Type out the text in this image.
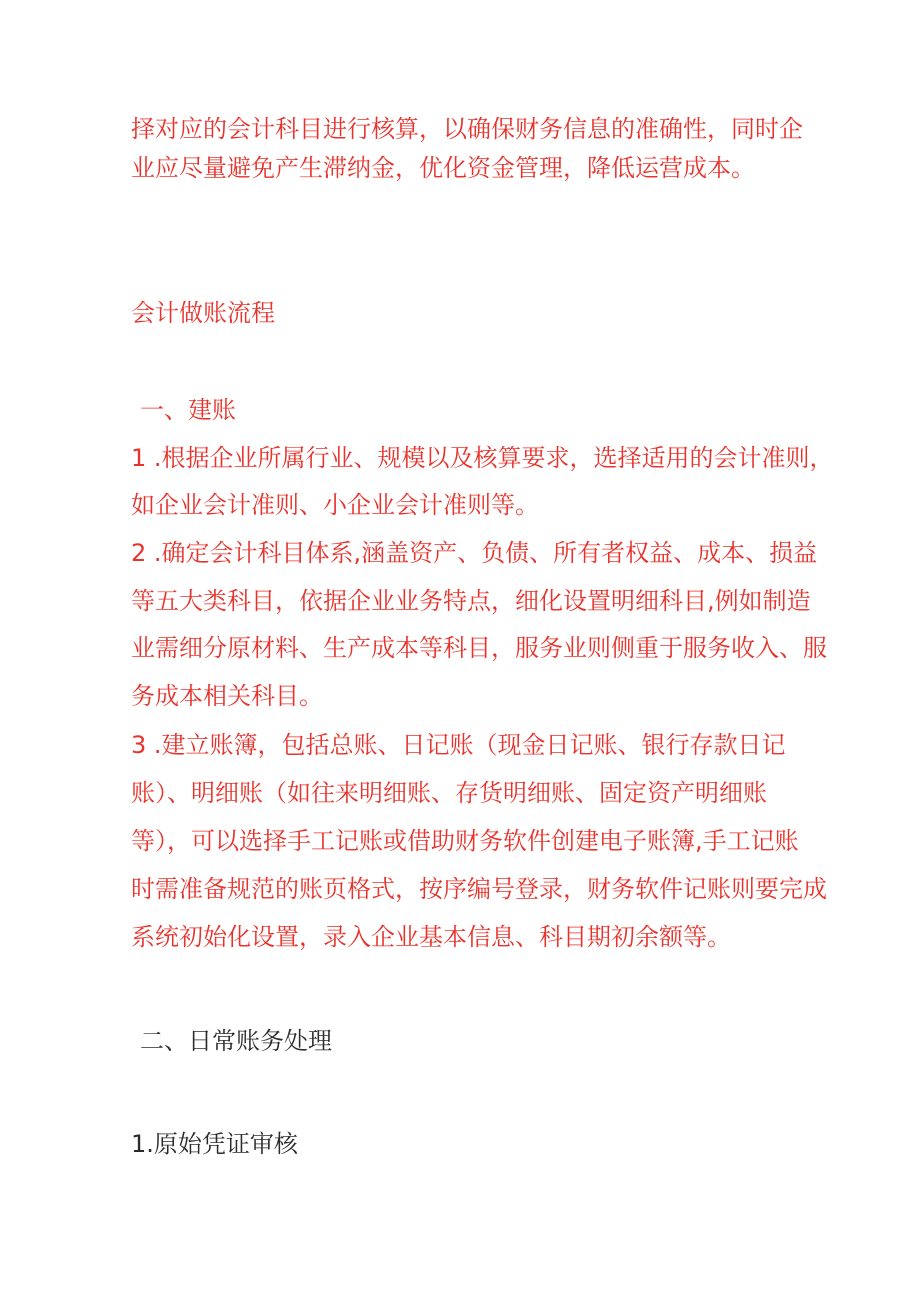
择对应的会计科目进行核算，以确保财务信息的准确性，同时企
业应尽量避免产生滞纳金，优化资金管理，降低运营成本。
会计做账流程
一、建账
1 .根据企业所属行业、规模以及核算要求，选择适用的会计准则，
如企业会计准则、小企业会计准则等。
2 .确定会计科目体系,涵盖资产、负债、所有者权益、成本、损益
等五大类科目，依据企业业务特点，细化设置明细科目,例如制造
业需细分原材料、生产成本等科目，服务业则侧重于服务收入、服
务成本相关科目。
3 .建立账簿，包括总账、日记账（现金日记账、银行存款日记
账）、明细账（如往来明细账、存货明细账、固定资产明细账
等），可以选择手工记账或借助财务软件创建电子账簿,手工记账
时需准备规范的账页格式，按序编号登录，财务软件记账则要完成
系统初始化设置，录入企业基本信息、科目期初余额等。
二、日常账务处理
1.原始凭证审核
